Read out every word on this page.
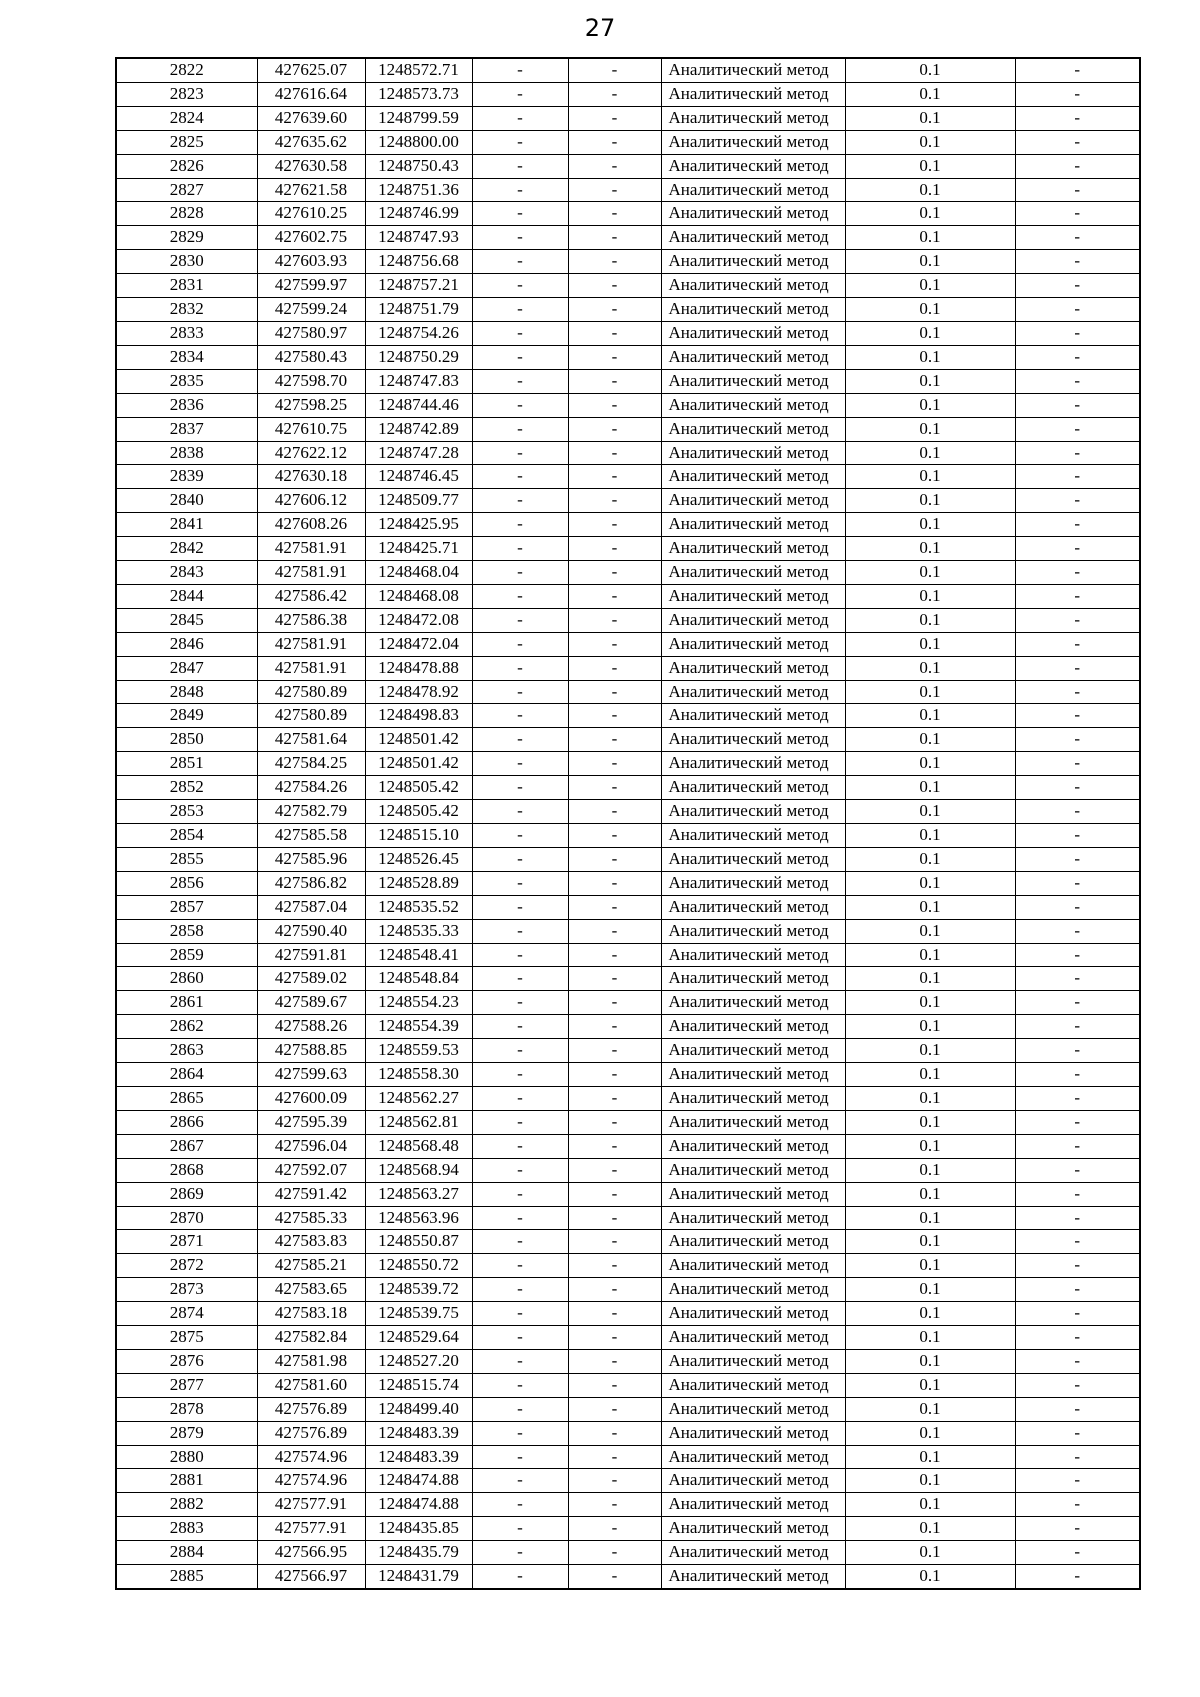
27
2822	427625.07	1248572.71	-	-	Аналитический метод	0.1	-
2823	427616.64	1248573.73	-	-	Аналитический метод	0.1	-
2824	427639.60	1248799.59	-	-	Аналитический метод	0.1	-
2825	427635.62	1248800.00	-	-	Аналитический метод	0.1	-
2826	427630.58	1248750.43	-	-	Аналитический метод	0.1	-
2827	427621.58	1248751.36	-	-	Аналитический метод	0.1	-
2828	427610.25	1248746.99	-	-	Аналитический метод	0.1	-
2829	427602.75	1248747.93	-	-	Аналитический метод	0.1	-
2830	427603.93	1248756.68	-	-	Аналитический метод	0.1	-
2831	427599.97	1248757.21	-	-	Аналитический метод	0.1	-
2832	427599.24	1248751.79	-	-	Аналитический метод	0.1	-
2833	427580.97	1248754.26	-	-	Аналитический метод	0.1	-
2834	427580.43	1248750.29	-	-	Аналитический метод	0.1	-
2835	427598.70	1248747.83	-	-	Аналитический метод	0.1	-
2836	427598.25	1248744.46	-	-	Аналитический метод	0.1	-
2837	427610.75	1248742.89	-	-	Аналитический метод	0.1	-
2838	427622.12	1248747.28	-	-	Аналитический метод	0.1	-
2839	427630.18	1248746.45	-	-	Аналитический метод	0.1	-
2840	427606.12	1248509.77	-	-	Аналитический метод	0.1	-
2841	427608.26	1248425.95	-	-	Аналитический метод	0.1	-
2842	427581.91	1248425.71	-	-	Аналитический метод	0.1	-
2843	427581.91	1248468.04	-	-	Аналитический метод	0.1	-
2844	427586.42	1248468.08	-	-	Аналитический метод	0.1	-
2845	427586.38	1248472.08	-	-	Аналитический метод	0.1	-
2846	427581.91	1248472.04	-	-	Аналитический метод	0.1	-
2847	427581.91	1248478.88	-	-	Аналитический метод	0.1	-
2848	427580.89	1248478.92	-	-	Аналитический метод	0.1	-
2849	427580.89	1248498.83	-	-	Аналитический метод	0.1	-
2850	427581.64	1248501.42	-	-	Аналитический метод	0.1	-
2851	427584.25	1248501.42	-	-	Аналитический метод	0.1	-
2852	427584.26	1248505.42	-	-	Аналитический метод	0.1	-
2853	427582.79	1248505.42	-	-	Аналитический метод	0.1	-
2854	427585.58	1248515.10	-	-	Аналитический метод	0.1	-
2855	427585.96	1248526.45	-	-	Аналитический метод	0.1	-
2856	427586.82	1248528.89	-	-	Аналитический метод	0.1	-
2857	427587.04	1248535.52	-	-	Аналитический метод	0.1	-
2858	427590.40	1248535.33	-	-	Аналитический метод	0.1	-
2859	427591.81	1248548.41	-	-	Аналитический метод	0.1	-
2860	427589.02	1248548.84	-	-	Аналитический метод	0.1	-
2861	427589.67	1248554.23	-	-	Аналитический метод	0.1	-
2862	427588.26	1248554.39	-	-	Аналитический метод	0.1	-
2863	427588.85	1248559.53	-	-	Аналитический метод	0.1	-
2864	427599.63	1248558.30	-	-	Аналитический метод	0.1	-
2865	427600.09	1248562.27	-	-	Аналитический метод	0.1	-
2866	427595.39	1248562.81	-	-	Аналитический метод	0.1	-
2867	427596.04	1248568.48	-	-	Аналитический метод	0.1	-
2868	427592.07	1248568.94	-	-	Аналитический метод	0.1	-
2869	427591.42	1248563.27	-	-	Аналитический метод	0.1	-
2870	427585.33	1248563.96	-	-	Аналитический метод	0.1	-
2871	427583.83	1248550.87	-	-	Аналитический метод	0.1	-
2872	427585.21	1248550.72	-	-	Аналитический метод	0.1	-
2873	427583.65	1248539.72	-	-	Аналитический метод	0.1	-
2874	427583.18	1248539.75	-	-	Аналитический метод	0.1	-
2875	427582.84	1248529.64	-	-	Аналитический метод	0.1	-
2876	427581.98	1248527.20	-	-	Аналитический метод	0.1	-
2877	427581.60	1248515.74	-	-	Аналитический метод	0.1	-
2878	427576.89	1248499.40	-	-	Аналитический метод	0.1	-
2879	427576.89	1248483.39	-	-	Аналитический метод	0.1	-
2880	427574.96	1248483.39	-	-	Аналитический метод	0.1	-
2881	427574.96	1248474.88	-	-	Аналитический метод	0.1	-
2882	427577.91	1248474.88	-	-	Аналитический метод	0.1	-
2883	427577.91	1248435.85	-	-	Аналитический метод	0.1	-
2884	427566.95	1248435.79	-	-	Аналитический метод	0.1	-
2885	427566.97	1248431.79	-	-	Аналитический метод	0.1	-
